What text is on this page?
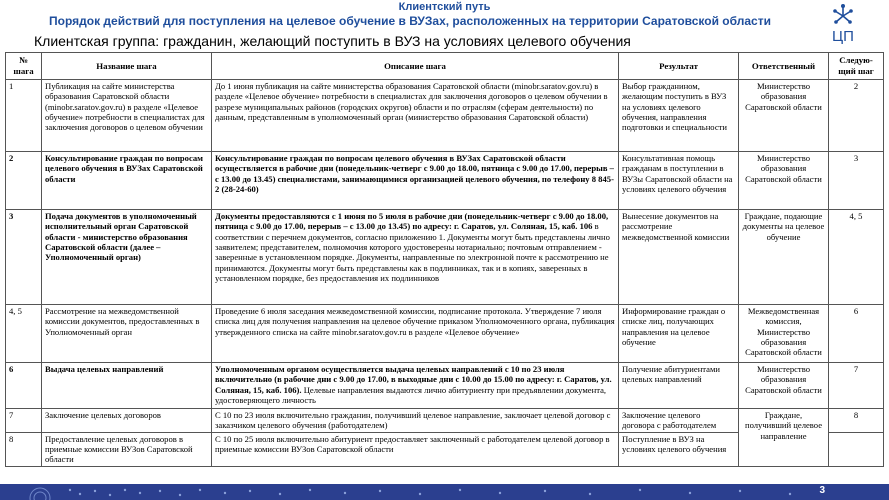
Клиентский путь
Порядок действий для поступления на целевое обучение в ВУЗах, расположенных на территории Саратовской области
Клиентская группа: гражданин, желающий поступить в ВУЗ на условиях целевого обучения	ЦП
№ шага	Название шага	Описание шага	Результат	Ответственный	Следую-щий шаг
1	Публикация на сайте министерства образования Саратовской области (minobr.saratov.gov.ru) в разделе «Целевое обучение» потребности в специалистах для заключения договоров о целевом обучении	До 1 июня публикация на сайте министерства образования Саратовской области (minobr.saratov.gov.ru) в разделе «Целевое обучение» потребности в специалистах для заключения договоров о целевом обучении в разрезе муниципальных районов (городских округов) области и по отраслям (сферам деятельности) по данным, представленным в уполномоченный орган (министерство образования Саратовской области)	Выбор гражданином, желающим поступить в ВУЗ на условиях целевого обучения, направления подготовки и специальности	Министерство образования Саратовской области	2
2	Консультирование граждан по вопросам целевого обучения в ВУЗах Саратовской области	Консультирование граждан по вопросам целевого обучения в ВУЗах Саратовской области осуществляется в рабочие дни (понедельник-четверг с 9.00 до 18.00, пятница с 9.00 до 17.00, перерыв – с 13.00 до 13.45) специалистами, занимающимися организацией целевого обучения, по телефону 8 845-2 (28-24-60)	Консультативная помощь гражданам в поступлении в ВУЗы Саратовской области на условиях целевого обучения	Министерство образования Саратовской области	3
3	Подача документов в уполномоченный исполнительный орган Саратовской области - министерство образования Саратовской области (далее – Уполномоченный орган)	Документы предоставляются с 1 июня по 5 июля в рабочие дни (понедельник-четверг с 9.00 до 18.00, пятница с 9.00 до 17.00, перерыв – с 13.00 до 13.45) по адресу: г. Саратов, ул. Соляная, 15, каб. 106 в соответствии с перечнем документов, согласно приложению 1. Документы могут быть представлены лично заявителем; представителем, полномочия которого удостоверены нотариально; почтовым отправлением - заверенные в установленном порядке. Документы, направленные по электронной почте к рассмотрению не принимаются. Документы могут быть представлены как в подлинниках, так и в копиях, заверенных в установленном порядке, без предоставления их подлинников	Вынесение документов на рассмотрение межведомственной комиссии	Граждане, подающие документы на целевое обучение	4, 5
4, 5	Рассмотрение на межведомственной комиссии документов, предоставленных в Уполномоченный орган	Проведение 6 июля заседания межведомственной комиссии, подписание протокола. Утверждение 7 июля списка лиц для получения направления на целевое обучение приказом Уполномоченного органа, публикация утвержденного списка на сайте minobr.saratov.gov.ru в разделе «Целевое обучение»	Информирование граждан о списке лиц, получающих направления на целевое обучение	Межведомственная комиссия, Министерство образования Саратовской области	6
6	Выдача целевых направлений	Уполномоченным органом осуществляется выдача целевых направлений с 10 по 23 июля включительно (в рабочие дни с 9.00 до 17.00, в выходные дни с 10.00 до 15.00 по адресу: г. Саратов, ул. Соляная, 15, каб. 106). Целевые направления выдаются лично абитуриенту при предъявлении документа, удостоверяющего личность	Получение абитуриентами целевых направлений	Министерство образования Саратовской области	7
7	Заключение целевых договоров	С 10 по 23 июля включительно гражданин, получивший целевое направление, заключает целевой договор с заказчиком целевого обучения (работодателем)	Заключение целевого договора с работодателем	Граждане, получивший целевое направление	8
8	Предоставление целевых договоров в приемные комиссии ВУЗов Саратовской области	С 10 по 25 июля включительно абитуриент предоставляет заключенный с работодателем целевой договор в приемные комиссии ВУЗов Саратовской области	Поступление в ВУЗ на условиях целевого обучения		
3
